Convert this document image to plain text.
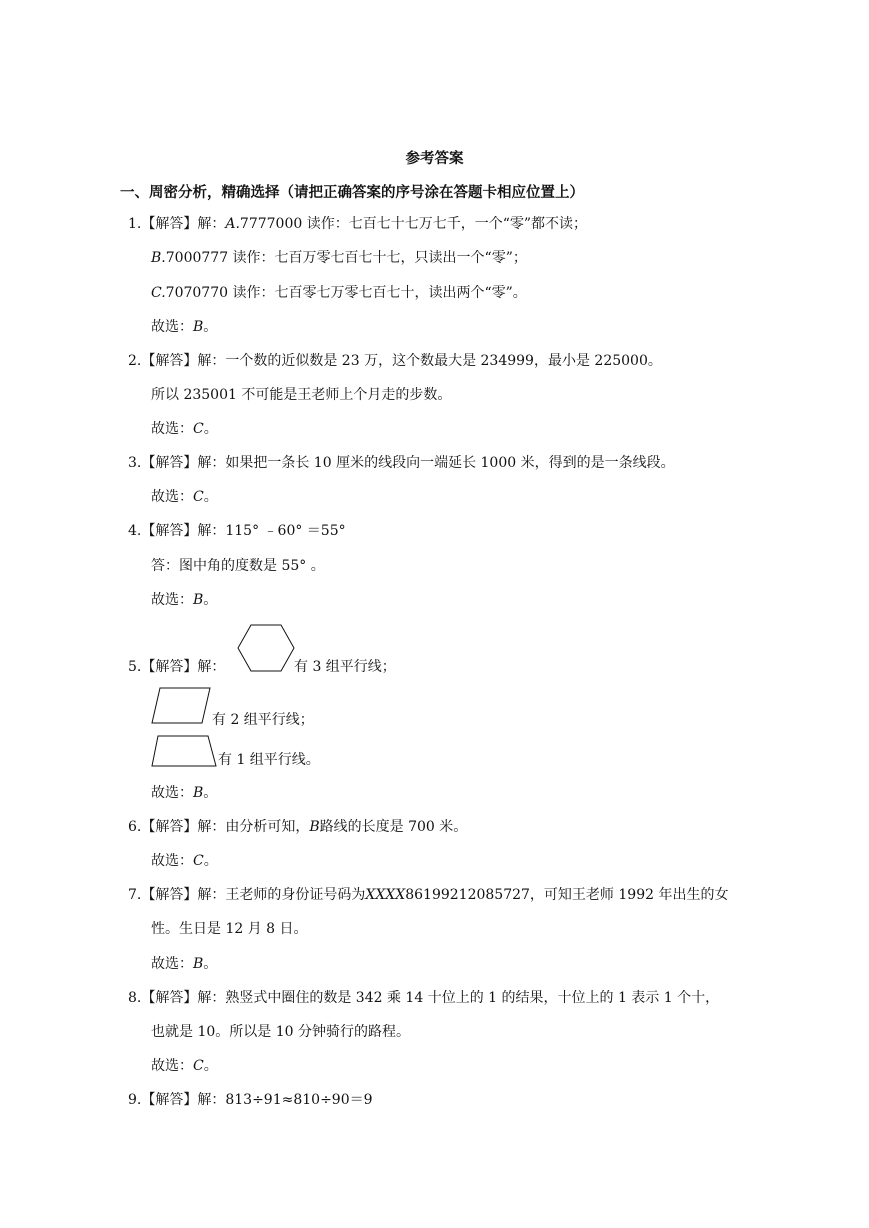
参考答案
一、周密分析，精确选择（请把正确答案的序号涂在答题卡相应位置上）
1.【解答】解：A.7777000 读作：七百七十七万七千，一个“零”都不读；
B.7000777 读作：七百万零七百七十七，只读出一个“零”；
C.7070770 读作：七百零七万零七百七十，读出两个“零”。
故选：B。
2.【解答】解：一个数的近似数是 23 万，这个数最大是 234999，最小是 225000。
所以 235001 不可能是王老师上个月走的步数。
故选：C。
3.【解答】解：如果把一条长 10 厘米的线段向一端延长 1000 米，得到的是一条线段。
故选：C。
4.【解答】解：115° ﹣60° ＝55°
答：图中角的度数是 55° 。
故选：B。
5.【解答】解：	有 3 组平行线；
有 2 组平行线；
有 1 组平行线。
故选：B。
6.【解答】解：由分析可知，B路线的长度是 700 米。
故选：C。
7.【解答】解：王老师的身份证号码为XXXX86199212085727，可知王老师 1992 年出生的女
性。生日是 12 月 8 日。
故选：B。
8.【解答】解：熟竖式中圈住的数是 342 乘 14 十位上的 1 的结果，十位上的 1 表示 1 个十，
也就是 10。所以是 10 分钟骑行的路程。
故选：C。
9.【解答】解：813÷91≈810÷90＝9
